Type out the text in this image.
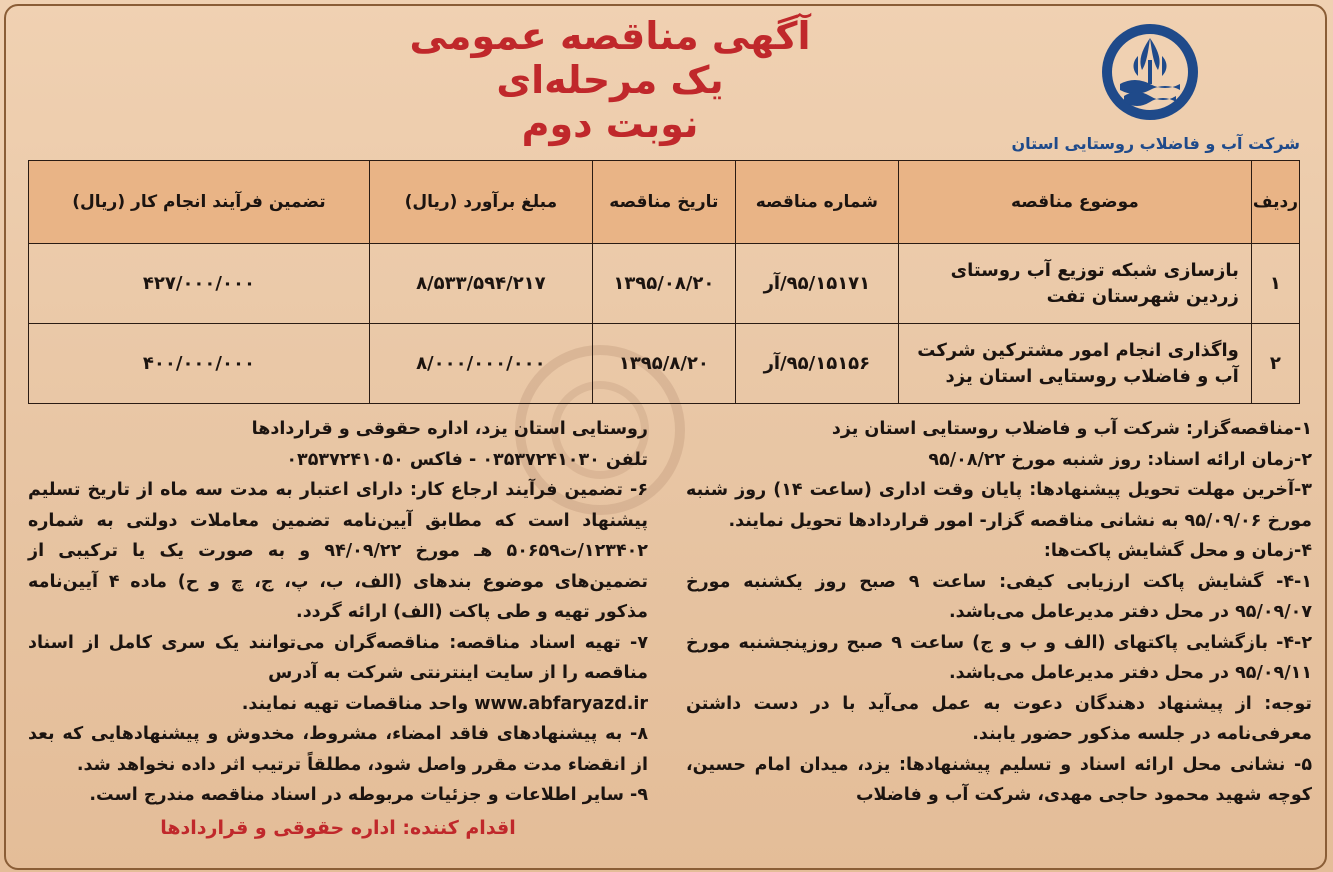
آگهی مناقصه عمومی
یک مرحله‌ای
نوبت دوم	شرکت آب و فاضلاب روستایی استان
ردیف	موضوع مناقصه	شماره مناقصه	تاریخ مناقصه	مبلغ برآورد (ریال)	تضمین فرآیند انجام کار (ریال)
۱	بازسازی شبکه توزیع آب روستای زردین شهرستان تفت	۹۵/۱۵۱۷۱/آر	۱۳۹۵/۰۸/۲۰	۸/۵۳۳/۵۹۴/۲۱۷	۴۲۷/۰۰۰/۰۰۰
۲	واگذاری انجام امور مشترکین شرکت آب و فاضلاب روستایی استان یزد	۹۵/۱۵۱۵۶/آر	۱۳۹۵/۸/۲۰	۸/۰۰۰/۰۰۰/۰۰۰	۴۰۰/۰۰۰/۰۰۰

۱-مناقصه‌گزار: شرکت آب و فاضلاب روستایی استان یزد

۲-زمان ارائه اسناد: روز شنبه مورخ ۹۵/۰۸/۲۲

۳-آخرین مهلت تحویل پیشنهادها: پایان وقت اداری (ساعت ۱۴) روز شنبه مورخ ۹۵/۰۹/۰۶ به نشانی مناقصه گزار- امور قراردادها تحویل نمایند.

۴-زمان و محل گشایش پاکت‌ها:

۴-۱- گشایش پاکت ارزیابی کیفی: ساعت ۹ صبح روز یکشنبه مورخ ۹۵/۰۹/۰۷ در محل دفتر مدیرعامل می‌باشد.

۴-۲- بازگشایی پاکتهای (الف و ب و ج) ساعت ۹ صبح روزپنجشنبه مورخ ۹۵/۰۹/۱۱ در محل دفتر مدیرعامل می‌باشد.

توجه: از پیشنهاد دهندگان دعوت به عمل می‌آید با در دست داشتن معرفی‌نامه در جلسه مذکور حضور یابند.

۵- نشانی محل ارائه اسناد و تسلیم پیشنهادها: یزد، میدان امام حسین، کوچه شهید محمود حاجی مهدی، شرکت آب و فاضلاب

روستایی استان یزد، اداره حقوقی و قراردادها

تلفن ۰۳۵۳۷۲۴۱۰۳۰ - فاکس ۰۳۵۳۷۲۴۱۰۵۰

۶- تضمین فرآیند ارجاع کار: دارای اعتبار به مدت سه ماه از تاریخ تسلیم پیشنهاد است که مطابق آیین‌نامه تضمین معاملات دولتی به شماره ۱۲۳۴۰۲/ت۵۰۶۵۹ هـ مورخ ۹۴/۰۹/۲۲ و به صورت یک یا ترکیبی از تضمین‌های موضوع بندهای (الف، ب، پ، ج، چ و ح) ماده ۴ آیین‌نامه مذکور تهیه و طی پاکت (الف) ارائه گردد.

۷- تهیه اسناد مناقصه: مناقصه‌گران می‌توانند یک سری کامل از اسناد مناقصه را از سایت اینترنتی شرکت به آدرس

www.abfaryazd.ir واحد مناقصات تهیه نمایند.

۸- به پیشنهادهای فاقد امضاء، مشروط، مخدوش و پیشنهادهایی که بعد از انقضاء مدت مقرر واصل شود، مطلقاً ترتیب اثر داده نخواهد شد.

۹- سایر اطلاعات و جزئیات مربوطه در اسناد مناقصه مندرج است.

اقدام کننده: اداره حقوقی و قراردادها
